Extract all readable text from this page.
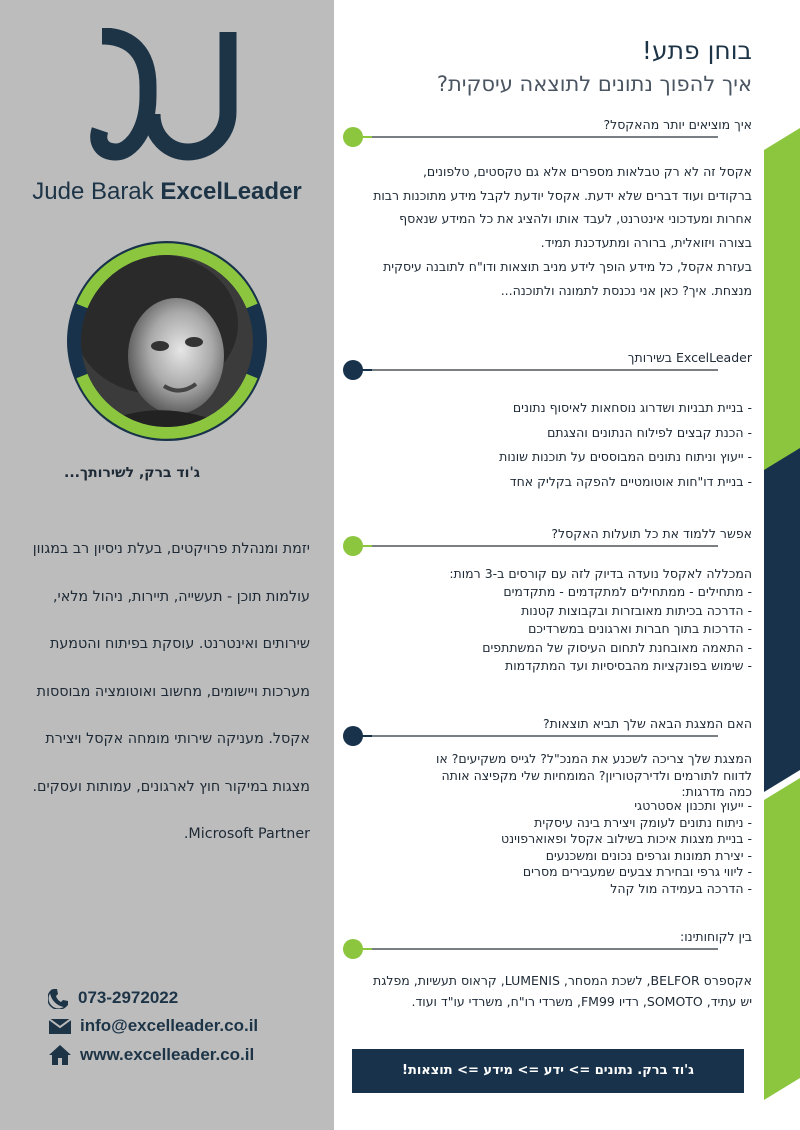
Jude Barak ExcelLeader
ג'וד ברק, לשירותך...
יזמת ומנהלת פרויקטים, בעלת ניסיון רב במגוון
עולמות תוכן - תעשייה, תיירות, ניהול מלאי,
שירותים ואינטרנט. עוסקת בפיתוח והטמעת
מערכות ויישומים, מחשוב ואוטומציה מבוססות
אקסל. מעניקה שירותי מומחה אקסל ויצירת
מצגות במיקור חוץ לארגונים, עמותות ועסקים.
Microsoft Partner.
073-2972022
info@excelleader.co.il
www.excelleader.co.il
בוחן פתע!
איך להפוך נתונים לתוצאה עיסקית?
איך מוציאים יותר מהאקסל?
אקסל זה לא רק טבלאות מספרים אלא גם טקסטים, טלפונים,
ברקודים ועוד דברים שלא ידעת. אקסל יודעת לקבל מידע מתוכנות רבות
אחרות ומעדכוני אינטרנט, לעבד אותו ולהציג את כל המידע שנאסף
בצורה ויזואלית, ברורה ומתעדכנת תמיד.
בעזרת אקסל, כל מידע הופך לידע מניב תוצאות ודו"ח לתובנה עיסקית
מנצחת. איך? כאן אני נכנסת לתמונה ולתוכנה...
ExcelLeader בשירותך
- בניית תבניות ושדרוג נוסחאות לאיסוף נתונים
- הכנת קבצים לפילוח הנתונים והצגתם
- ייעוץ וניתוח נתונים המבוססים על תוכנות שונות
- בניית דו"חות אוטומטיים להפקה בקליק אחד
אפשר ללמוד את כל תועלות האקסל?
המכללה לאקסל נועדה בדיוק לזה עם קורסים ב-3 רמות:
- מתחילים - ממתחילים למתקדמים - מתקדמים
- הדרכה בכיתות מאובזרות ובקבוצות קטנות
- הדרכות בתוך חברות וארגונים במשרדיכם
- התאמה מאובחנת לתחום העיסוק של המשתתפים
- שימוש בפונקציות מהבסיסיות ועד המתקדמות
האם המצגת הבאה שלך תביא תוצאות?
המצגת שלך צריכה לשכנע את המנכ"ל? לגייס משקיעים? או
לדווח לתורמים ולדירקטוריון? המומחיות שלי מקפיצה אותה
כמה מדרגות:
- ייעוץ ותכנון אסטרטגי
- ניתוח נתונים לעומק ויצירת בינה עיסקית
- בניית מצגות איכות בשילוב אקסל ופאוארפוינט
- יצירת תמונות וגרפים נכונים ומשכנעים
- ליווי גרפי ובחירת צבעים שמעבירים מסרים
- הדרכה בעמידה מול קהל
בין לקוחותינו:
אקספרס BELFOR, לשכת המסחר, LUMENIS, קראוס תעשיות, מפלגת
יש עתיד, SOMOTO, רדיו FM99, משרדי רו"ח, משרדי עו"ד ועוד.
ג'וד ברק. נתונים => ידע => מידע => תוצאות!
